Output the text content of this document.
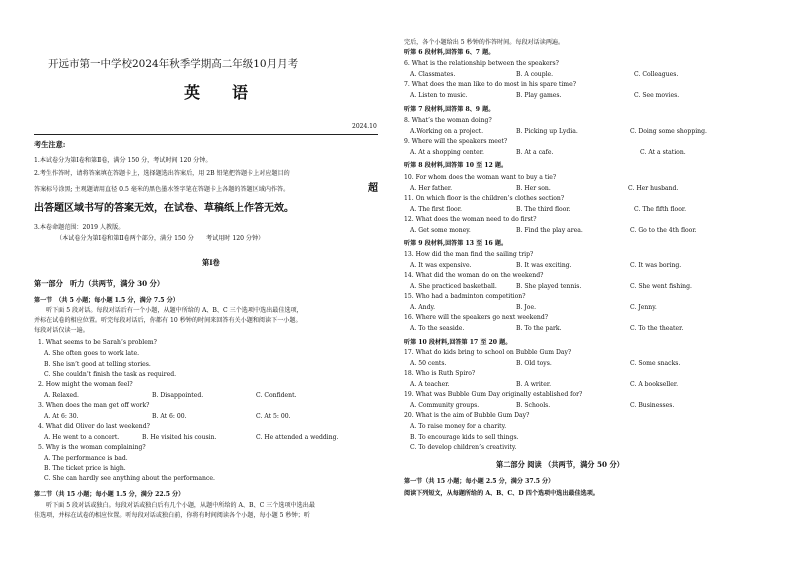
开远市第一中学校2024年秋季学期高二年级10月月考
英　语
2024.10
考生注意:
1.本试卷分为第Ⅰ卷和第Ⅱ卷，满分 150 分，考试时间 120 分钟。
2.考生作答时，请将答案填在答题卡上，选择题选出答案后，用 2B 铅笔把答题卡上对应题目的
答案标号涂黑; 主观题请用直径 0.5 毫米的黑色墨水签字笔在答题卡上各题的答题区域内作答。	超
出答题区域书写的答案无效，在试卷、草稿纸上作答无效。
3.本卷命题范围：2019 人教版。
（本试卷分为第Ⅰ卷和第Ⅱ卷两个部分，满分 150 分　　考试用时 120 分钟）
第Ⅰ卷
第一部分　听力（共两节，满分 30 分）
第一节　（共 5 小题；每小题 1.5 分，满分 7.5 分）
听下面 5 段对话。每段对话后有一个小题，从题中所给的 A、B、C 三个选项中选出最佳选项，
并标在试卷的相应位置。听完每段对话后，你都有 10 秒钟的时间来回答有关小题和阅读下一小题。
每段对话仅读一遍。
1. What seems to be Sarah’s problem?
A. She often goes to work late.
B. She isn’t good at telling stories.
C. She couldn’t finish the task as required.
2. How might the woman feel?
A. Relaxed.	B. Disappointed.	C. Confident.
3. When does the man get off work?
A. At 6: 30.	B. At 6: 00.	C. At 5: 00.
4. What did Oliver do last weekend?
A. He went to a concert.	B. He visited his cousin.	C. He attended a wedding.
5. Why is the woman complaining?
A. The performance is bad.
B. The ticket price is high.
C. She can hardly see anything about the performance.
第二节（共 15 小题；每小题 1.5 分，满分 22.5 分）
听下面 5 段对话或独白。每段对话或独白后有几个小题，从题中所给的 A、B、C 三个选项中选出最
佳选项，并标在试卷的相应位置。听每段对话或独白前，你将有时间阅读各个小题，每小题 5 秒钟；听
完后，各个小题给出 5 秒钟的作答时间。每段对话读两遍。
听第 6 段材料,回答第 6、7 题。
6. What is the relationship between the speakers?
A. Classmates.	B. A couple.	C. Colleagues.
7. What does the man like to do most in his spare time?
A. Listen to music.	B. Play games.	C. See movies.
听第 7 段材料,回答第 8、9 题。
8. What’s the woman doing?
A.Working on a project.	B. Picking up Lydia.	C. Doing some shopping.
9. Where will the speakers meet?
A. At a shopping center.	B. At a cafe.	C. At a station.
听第 8 段材料,回答第 10 至 12 题。
10. For whom does the woman want to buy a tie?
A. Her father.	B. Her son.	C. Her husband.
11. On which floor is the children’s clothes section?
A. The first floor.	B. The third floor.	C. The fifth floor.
12. What does the woman need to do first?
A. Get some money.	B. Find the play area.	C. Go to the 4th floor.
听第 9 段材料,回答第 13 至 16 题。
13. How did the man find the sailing trip?
A. It was expensive.	B. It was exciting.	C. It was boring.
14. What did the woman do on the weekend?
A. She practiced basketball.	B. She played tennis.	C. She went fishing.
15. Who had a badminton competition?
A. Andy.	B. Joe.	C. Jenny.
16. Where will the speakers go next weekend?
A. To the seaside.	B. To the park.	C. To the theater.
听第 10 段材料,回答第 17 至 20 题。
17. What do kids bring to school on Bubble Gum Day?
A. 50 cents.	B. Old toys.	C. Some snacks.
18. Who is Ruth Spiro?
A. A teacher.	B. A writer.	C. A bookseller.
19. What was Bubble Gum Day originally established for?
A. Community groups.	B. Schools.	C. Businesses.
20. What is the aim of Bubble Gum Day?
A. To raise money for a charity.
B. To encourage kids to sell things.
C. To develop children’s creativity.
第二部分 阅读 （共两节，满分 50 分）
第一节（共 15 小题；每小题 2.5 分，满分 37.5 分）
阅读下列短文，从每题所给的 A、B、C、D 四个选项中选出最佳选项。
